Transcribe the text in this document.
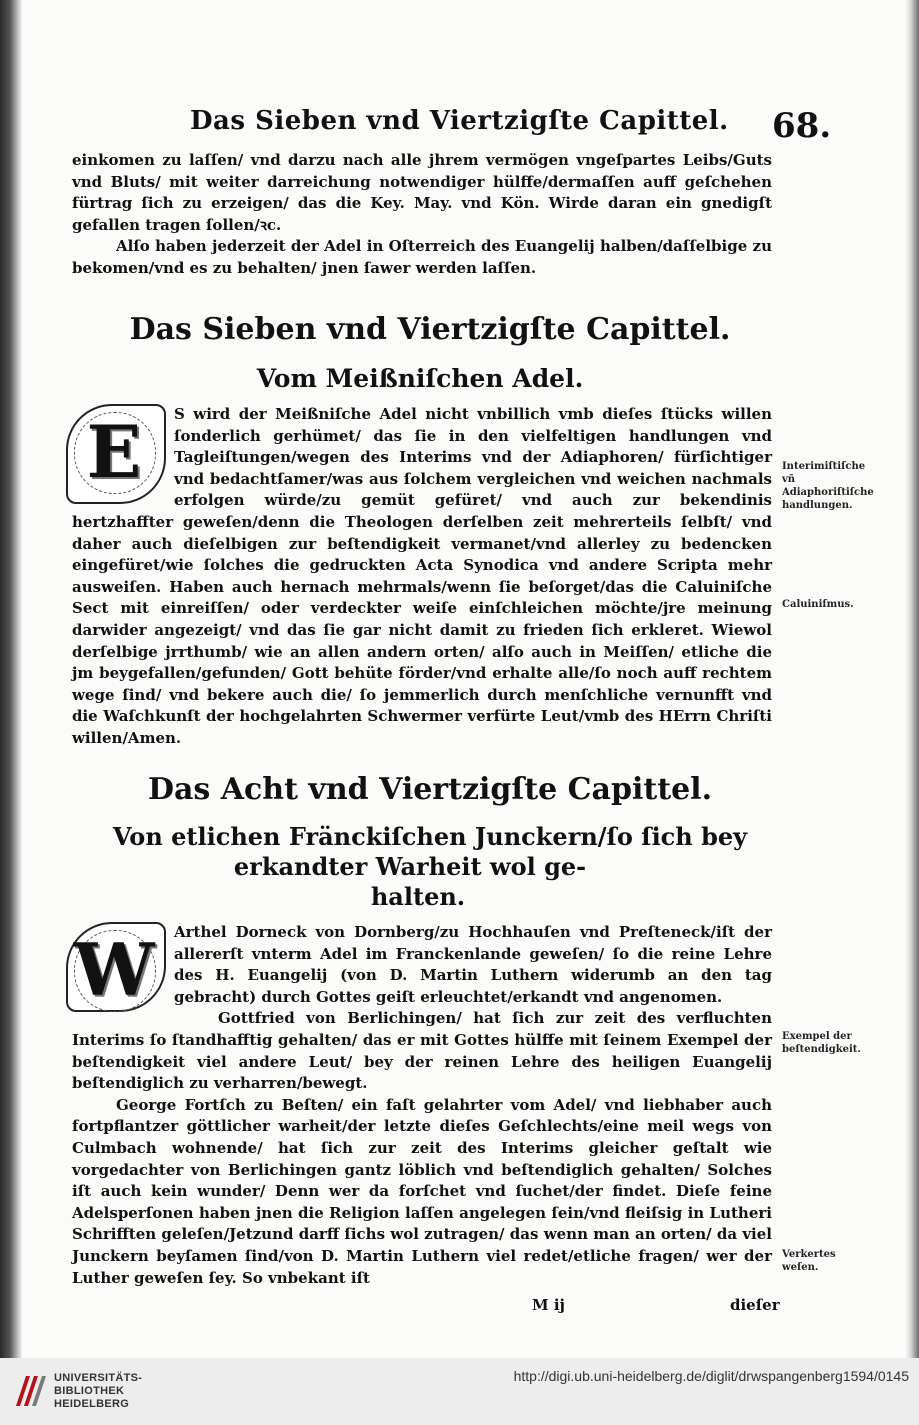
Das Sieben vnd Viertzigſte Capittel. 68.

einkomen zu laſſen/ vnd darzu nach alle jhrem vermögen vngeſpartes Leibs/Guts vnd Bluts/ mit weiter darreichung notwendiger hülffe/dermaſſen auff geſchehen fürtrag ſich zu erzeigen/ das die Key. May. vnd Kön. Wirde daran ein gnedigſt gefallen tragen ſollen/ꝛc.

Alſo haben jederzeit der Adel in Oſterreich des Euangelij halben/daſſelbige zu bekomen/vnd es zu behalten/ jnen ſawer werden laſſen.

Das Sieben vnd Viertzigſte Capittel.
Vom Meißniſchen Adel.
E	S wird der Meißniſche Adel nicht vnbillich vmb dieſes ſtücks willen ſonderlich gerhümet/ das ſie in den vielfeltigen handlungen vnd Tagleiſtungen/wegen des Interims vnd der Adiaphoren/ fürſichtiger vnd bedachtſamer/was aus ſolchem vergleichen vnd weichen nachmals erfolgen würde/zu gemüt gefüret/ vnd auch zur bekendinis hertzhaffter geweſen/denn die Theologen derſelben zeit mehrerteils ſelbſt/ vnd daher auch dieſelbigen zur beſtendigkeit vermanet/vnd allerley zu bedencken eingefüret/wie ſolches die gedruckten Acta Synodica vnd andere Scripta mehr ausweiſen. Haben auch hernach mehrmals/wenn ſie beſorget/das die Caluiniſche Sect mit einreiſſen/ oder verdeckter weiſe einſchleichen möchte/jre meinung darwider angezeigt/ vnd das ſie gar nicht damit zu frieden ſich erkleret. Wiewol derſelbige jrrthumb/ wie an allen andern orten/ alſo auch in Meiſſen/ etliche die jm beygefallen/gefunden/ Gott behüte förder/vnd erhalte alle/ſo noch auff rechtem wege ſind/ vnd bekere auch die/ ſo jemmerlich durch menſchliche vernunfft vnd die Waſchkunſt der hochgelahrten Schwermer verfürte Leut/vmb des HErrn Chriſti willen/Amen.

Interimiſtiſche vñ Adiaphoriſtiſche handlungen.
Caluiniſmus.
Das Acht vnd Viertzigſte Capittel.
Von etlichen Fränckiſchen Junckern/ſo ſich bey
erkandter Warheit wol ge-
halten.
W	Arthel Dorneck von Dornberg/zu Hochhauſen vnd Preſteneck/iſt der allererſt vnterm Adel im Franckenlande geweſen/ ſo die reine Lehre des H. Euangelij (von D. Martin Luthern widerumb an den tag gebracht) durch Gottes geiſt erleuchtet/erkandt vnd angenomen.

Gottfried von Berlichingen/ hat ſich zur zeit des verfluchten Interims ſo ſtandhafftig gehalten/ das er mit Gottes hülffe mit ſeinem Exempel der beſtendigkeit viel andere Leut/ bey der reinen Lehre des heiligen Euangelij beſtendiglich zu verharren/bewegt.

George Fortſch zu Beſten/ ein faſt gelahrter vom Adel/ vnd liebhaber auch fortpflantzer göttlicher warheit/der letzte dieſes Geſchlechts/eine meil wegs von Culmbach wohnende/ hat ſich zur zeit des Interims gleicher geſtalt wie vorgedachter von Berlichingen gantz löblich vnd beſtendiglich gehalten/ Solches iſt auch kein wunder/ Denn wer da forſchet vnd ſuchet/der findet. Dieſe feine Adelsperſonen haben jnen die Religion laſſen angelegen ſein/vnd fleiſsig in Lutheri Schrifften geleſen/Jetzund darff ſichs wol zutragen/ das wenn man an orten/ da viel Junckern beyſamen ſind/von D. Martin Luthern viel redet/etliche fragen/ wer der Luther geweſen ſey. So vnbekant iſt

Exempel der beſtendigkeit.
Verkertes weſen.
M ij	dieſer
UNIVERSITÄTS-
BIBLIOTHEK
HEIDELBERG
http://digi.ub.uni-heidelberg.de/diglit/drwspangenberg1594/0145
